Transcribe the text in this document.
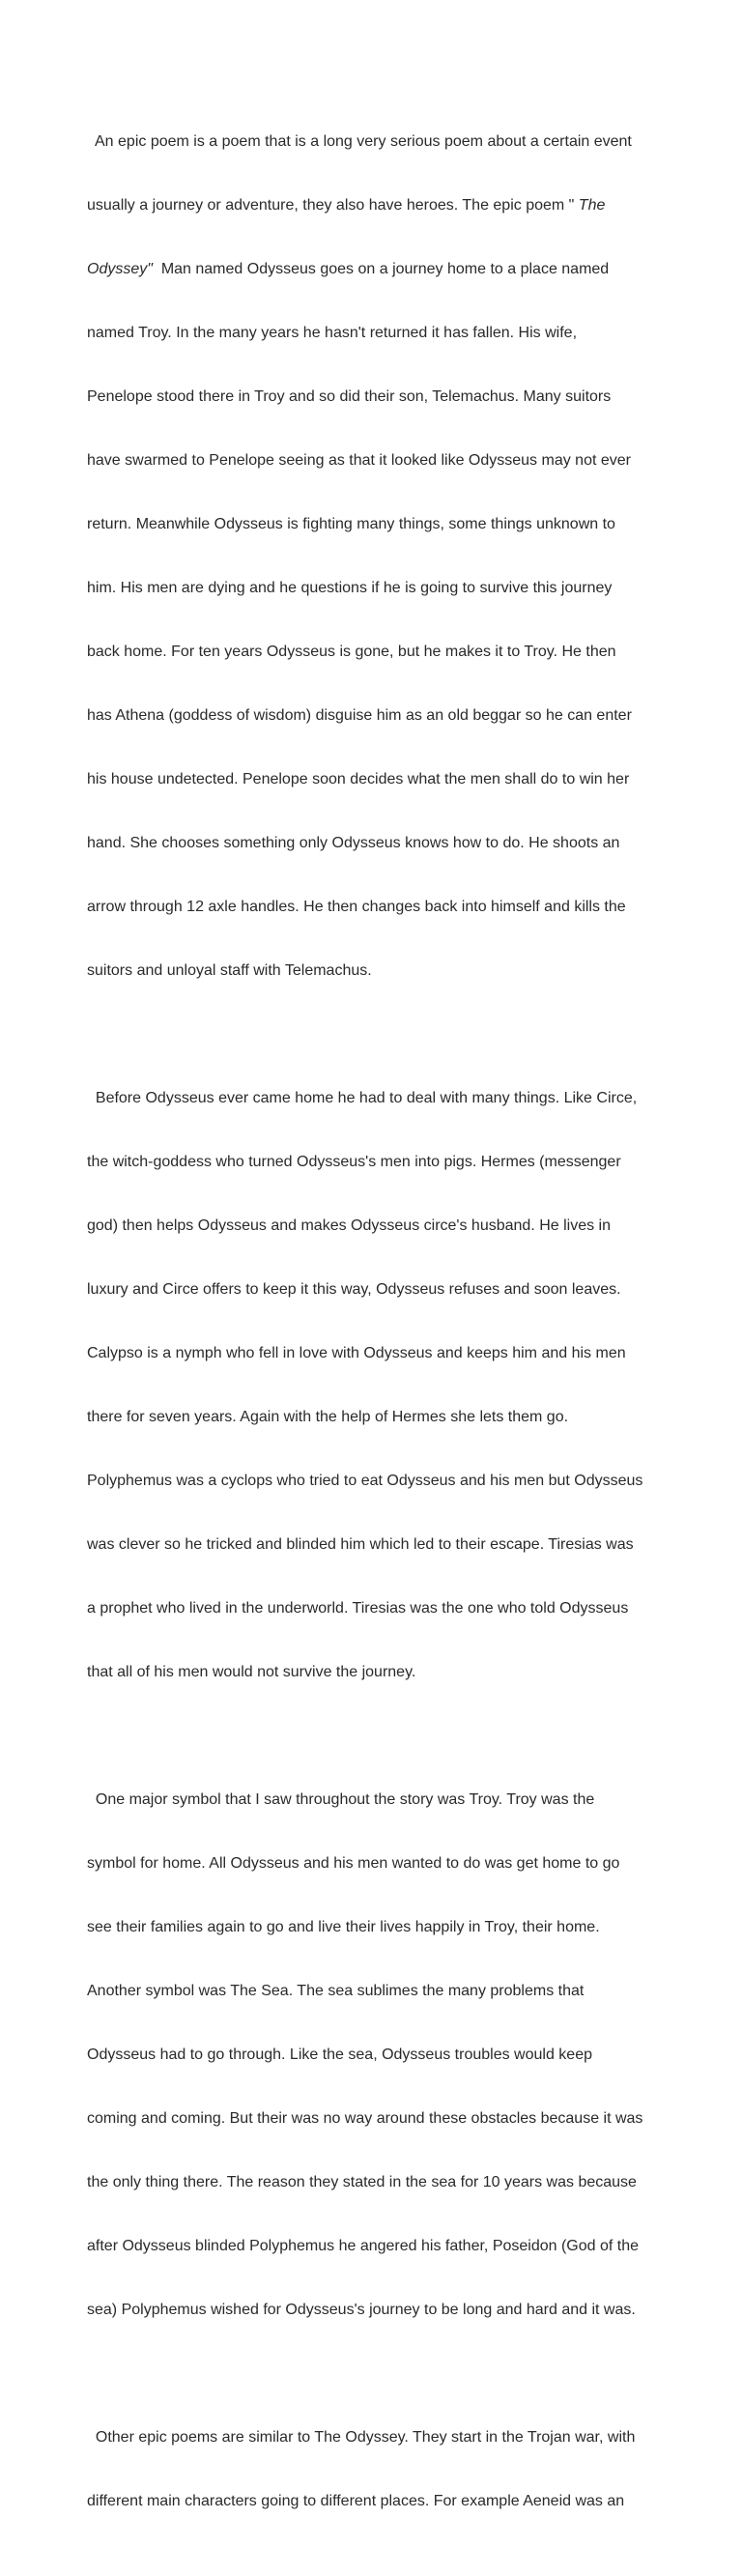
An epic poem is a poem that is a long very serious poem about a certain event

usually a journey or adventure, they also have heroes. The epic poem " The

Odyssey"  Man named Odysseus goes on a journey home to a place named

named Troy. In the many years he hasn't returned it has fallen. His wife,

Penelope stood there in Troy and so did their son, Telemachus. Many suitors

have swarmed to Penelope seeing as that it looked like Odysseus may not ever

return. Meanwhile Odysseus is fighting many things, some things unknown to

him. His men are dying and he questions if he is going to survive this journey

back home. For ten years Odysseus is gone, but he makes it to Troy. He then

has Athena (goddess of wisdom) disguise him as an old beggar so he can enter

his house undetected. Penelope soon decides what the men shall do to win her

hand. She chooses something only Odysseus knows how to do. He shoots an

arrow through 12 axle handles. He then changes back into himself and kills the

suitors and unloyal staff with Telemachus.

Before Odysseus ever came home he had to deal with many things. Like Circe,

the witch-goddess who turned Odysseus's men into pigs. Hermes (messenger

god) then helps Odysseus and makes Odysseus circe's husband. He lives in

luxury and Circe offers to keep it this way, Odysseus refuses and soon leaves.

Calypso is a nymph who fell in love with Odysseus and keeps him and his men

there for seven years. Again with the help of Hermes she lets them go.

Polyphemus was a cyclops who tried to eat Odysseus and his men but Odysseus

was clever so he tricked and blinded him which led to their escape. Tiresias was

a prophet who lived in the underworld. Tiresias was the one who told Odysseus

that all of his men would not survive the journey.

One major symbol that I saw throughout the story was Troy. Troy was the

symbol for home. All Odysseus and his men wanted to do was get home to go

see their families again to go and live their lives happily in Troy, their home.

Another symbol was The Sea. The sea sublimes the many problems that

Odysseus had to go through. Like the sea, Odysseus troubles would keep

coming and coming. But their was no way around these obstacles because it was

the only thing there. The reason they stated in the sea for 10 years was because

after Odysseus blinded Polyphemus he angered his father, Poseidon (God of the

sea) Polyphemus wished for Odysseus's journey to be long and hard and it was.

Other epic poems are similar to The Odyssey. They start in the Trojan war, with

different main characters going to different places. For example Aeneid was an
